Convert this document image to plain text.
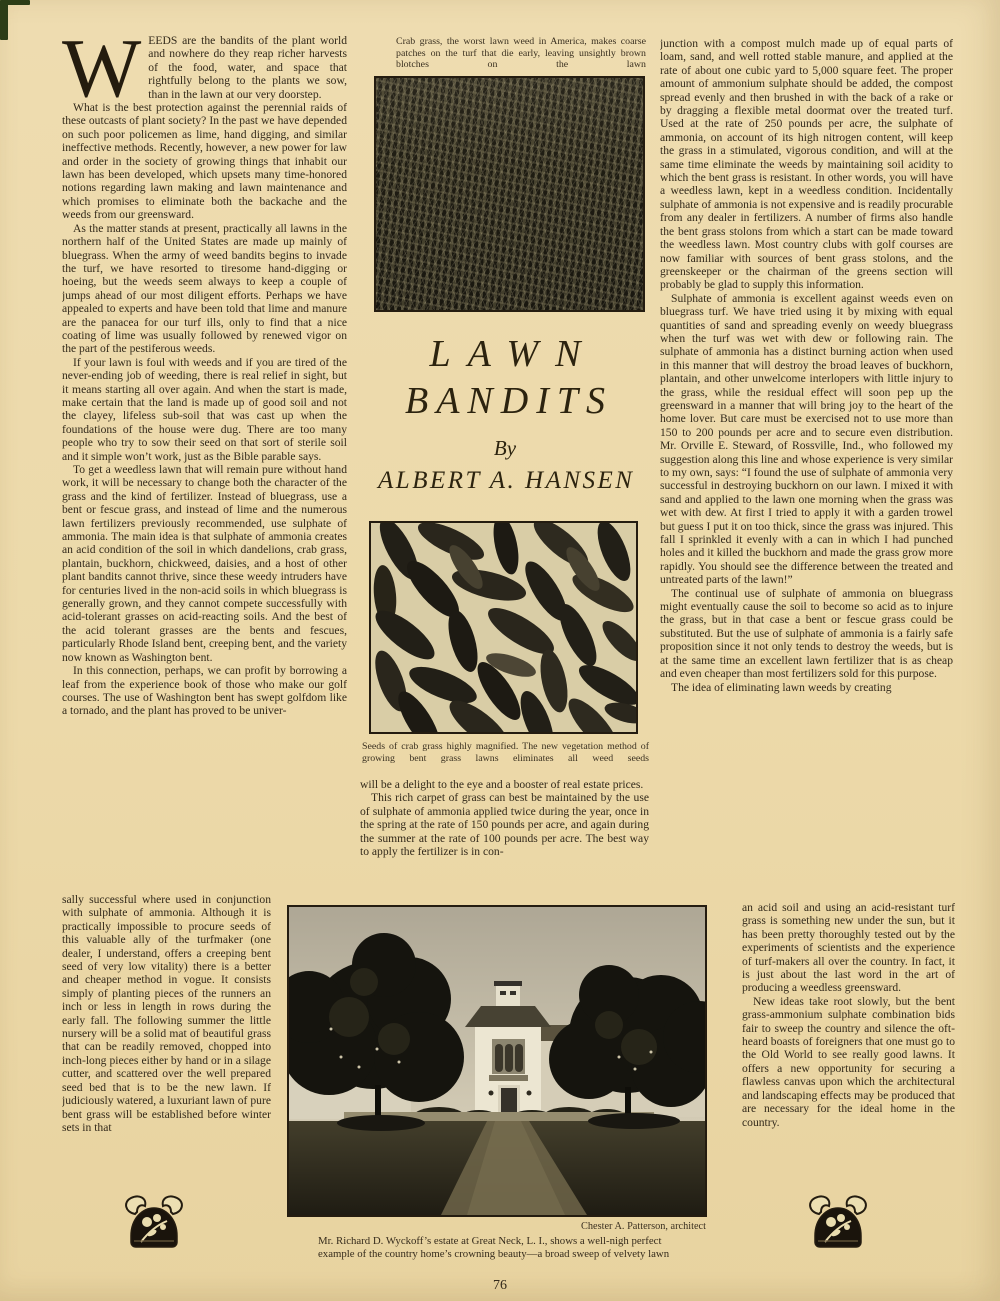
WEEDS are the bandits of the plant world and nowhere do they reap richer harvests of the food, water, and space that rightfully belong to the plants we sow, than in the lawn at our very doorstep.

What is the best protection against the perennial raids of these outcasts of plant society? In the past we have depended on such poor policemen as lime, hand digging, and similar ineffective methods. Recently, however, a new power for law and order in the society of growing things that inhabit our lawn has been developed, which upsets many time-honored notions regarding lawn making and lawn maintenance and which promises to eliminate both the backache and the weeds from our greensward.

As the matter stands at present, practically all lawns in the northern half of the United States are made up mainly of bluegrass. When the army of weed bandits begins to invade the turf, we have resorted to tiresome hand-digging or hoeing, but the weeds seem always to keep a couple of jumps ahead of our most diligent efforts. Perhaps we have appealed to experts and have been told that lime and manure are the panacea for our turf ills, only to find that a nice coating of lime was usually followed by renewed vigor on the part of the pestiferous weeds.

If your lawn is foul with weeds and if you are tired of the never-ending job of weeding, there is real relief in sight, but it means starting all over again. And when the start is made, make certain that the land is made up of good soil and not the clayey, lifeless sub-soil that was cast up when the foundations of the house were dug. There are too many people who try to sow their seed on that sort of sterile soil and it simple won’t work, just as the Bible parable says.

To get a weedless lawn that will remain pure without hand work, it will be necessary to change both the character of the grass and the kind of fertilizer. Instead of bluegrass, use a bent or fescue grass, and instead of lime and the numerous lawn fertilizers previously recommended, use sulphate of ammonia. The main idea is that sulphate of ammonia creates an acid condition of the soil in which dandelions, crab grass, plantain, buckhorn, chickweed, daisies, and a host of other plant bandits cannot thrive, since these weedy intruders have for centuries lived in the non-acid soils in which bluegrass is generally grown, and they cannot compete successfully with acid-tolerant grasses on acid-reacting soils. And the best of the acid tolerant grasses are the bents and fescues, particularly Rhode Island bent, creeping bent, and the variety now known as Washington bent.

In this connection, perhaps, we can profit by borrowing a leaf from the experience book of those who make our golf courses. The use of Washington bent has swept golfdom like a tornado, and the plant has proved to be univer-

sally successful where used in conjunction with sulphate of ammonia. Although it is practically impossible to procure seeds of this valuable ally of the turfmaker (one dealer, I understand, offers a creeping bent seed of very low vitality) there is a better and cheaper method in vogue. It consists simply of planting pieces of the runners an inch or less in length in rows during the early fall. The following summer the little nursery will be a solid mat of beautiful grass that can be readily removed, chopped into inch-long pieces either by hand or in a silage cutter, and scattered over the well prepared seed bed that is to be the new lawn. If judiciously watered, a luxuriant lawn of pure bent grass will be established before winter sets in that

Crab grass, the worst lawn weed in America, makes coarse patches on the turf that die early, leaving unsightly brown blotches on the lawn
LAWN
BANDITS
By
ALBERT A. HANSEN
Seeds of crab grass highly magnified. The new vegetation method of growing bent grass lawns eliminates all weed seeds

will be a delight to the eye and a booster of real estate prices.

This rich carpet of grass can best be maintained by the use of sulphate of ammonia applied twice during the year, once in the spring at the rate of 150 pounds per acre, and again during the summer at the rate of 100 pounds per acre. The best way to apply the fertilizer is in con-

junction with a compost mulch made up of equal parts of loam, sand, and well rotted stable manure, and applied at the rate of about one cubic yard to 5,000 square feet. The proper amount of ammonium sulphate should be added, the compost spread evenly and then brushed in with the back of a rake or by dragging a flexible metal doormat over the treated turf. Used at the rate of 250 pounds per acre, the sulphate of ammonia, on account of its high nitrogen content, will keep the grass in a stimulated, vigorous condition, and will at the same time eliminate the weeds by maintaining soil acidity to which the bent grass is resistant. In other words, you will have a weedless lawn, kept in a weedless condition. Incidentally sulphate of ammonia is not expensive and is readily procurable from any dealer in fertilizers. A number of firms also handle the bent grass stolons from which a start can be made toward the weedless lawn. Most country clubs with golf courses are now familiar with sources of bent grass stolons, and the greenskeeper or the chairman of the greens section will probably be glad to supply this information.

Sulphate of ammonia is excellent against weeds even on bluegrass turf. We have tried using it by mixing with equal quantities of sand and spreading evenly on weedy bluegrass when the turf was wet with dew or following rain. The sulphate of ammonia has a distinct burning action when used in this manner that will destroy the broad leaves of buckhorn, plantain, and other unwelcome interlopers with little injury to the grass, while the residual effect will soon pep up the greensward in a manner that will bring joy to the heart of the home lover. But care must be exercised not to use more than 150 to 200 pounds per acre and to secure even distribution. Mr. Orville E. Steward, of Rossville, Ind., who followed my suggestion along this line and whose experience is very similar to my own, says: “I found the use of sulphate of ammonia very successful in destroying buckhorn on our lawn. I mixed it with sand and applied to the lawn one morning when the grass was wet with dew. At first I tried to apply it with a garden trowel but guess I put it on too thick, since the grass was injured. This fall I sprinkled it evenly with a can in which I had punched holes and it killed the buckhorn and made the grass grow more rapidly. You should see the difference between the treated and untreated parts of the lawn!”

The continual use of sulphate of ammonia on bluegrass might eventually cause the soil to become so acid as to injure the grass, but in that case a bent or fescue grass could be substituted. But the use of sulphate of ammonia is a fairly safe proposition since it not only tends to destroy the weeds, but is at the same time an excellent lawn fertilizer that is as cheap and even cheaper than most fertilizers sold for this purpose.

The idea of eliminating lawn weeds by creating

an acid soil and using an acid-resistant turf grass is something new under the sun, but it has been pretty thoroughly tested out by the experiments of scientists and the experience of turf-makers all over the country. In fact, it is just about the last word in the art of producing a weedless greensward.

New ideas take root slowly, but the bent grass-ammonium sulphate combination bids fair to sweep the country and silence the oft-heard boasts of foreigners that one must go to the Old World to see really good lawns. It offers a new opportunity for securing a flawless canvas upon which the architectural and landscaping effects may be produced that are necessary for the ideal home in the country.

Chester A. Patterson, architect
Mr. Richard D. Wyckoff’s estate at Great Neck, L. I., shows a well-nigh perfect example of the country home’s crowning beauty—a broad sweep of velvety lawn
76
